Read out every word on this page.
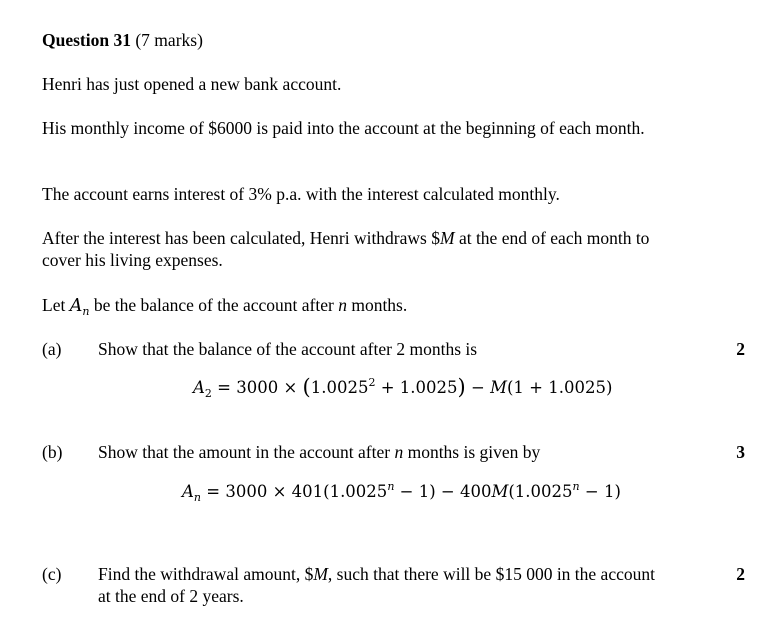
Question 31 (7 marks)

Henri has just opened a new bank account.

His monthly income of $6000 is paid into the account at the beginning of each month.

The account earns interest of 3% p.a. with the interest calculated monthly.

After the interest has been calculated, Henri withdraws $M at the end of each month to cover his living expenses.

Let $A_n$ be the balance of the account after n months.

(a) Show that the balance of the account after 2 months is	2
$A_2 = 3000 \times (1.0025^2 + 1.0025) - M(1 + 1.0025)$
(b) Show that the amount in the account after n months is given by	3
$A_n = 3000 \times 401(1.0025^n - 1) - 400M(1.0025^n - 1)$
(c) Find the withdrawal amount, $M, such that there will be $15 000 in the account at the end of 2 years.
2
